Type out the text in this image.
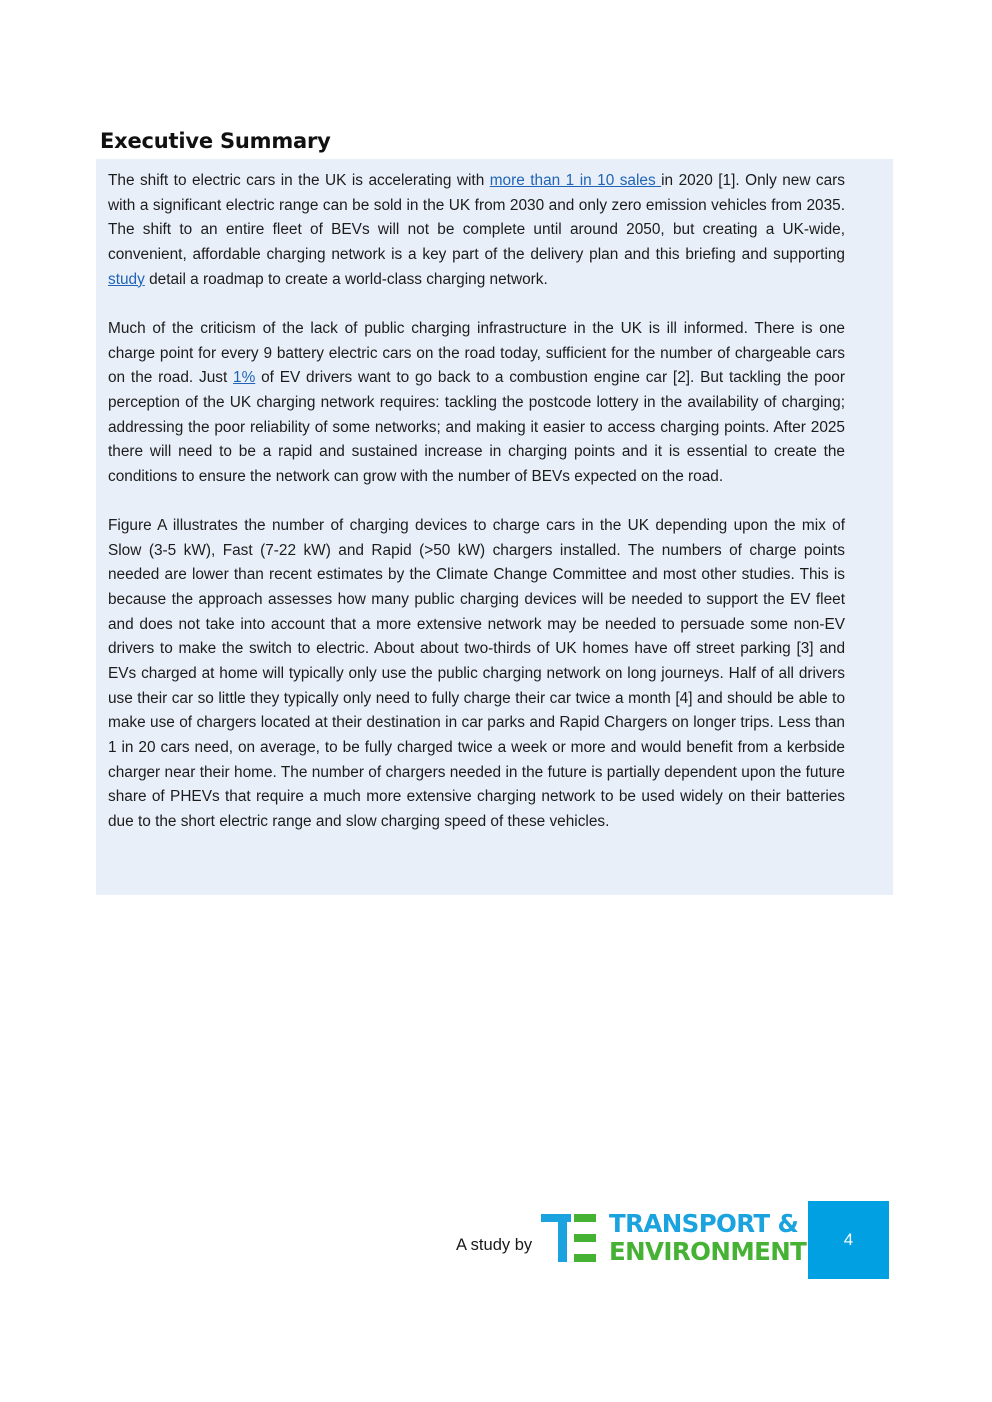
Executive Summary

The shift to electric cars in the UK is accelerating with more than 1 in 10 sales in 2020 [1]. Only new cars with a significant electric range can be sold in the UK from 2030 and only zero emission vehicles from 2035. The shift to an entire fleet of BEVs will not be complete until around 2050, but creating a UK-wide, convenient, affordable charging network is a key part of the delivery plan and this briefing and supporting study detail a roadmap to create a world-class charging network.

Much of the criticism of the lack of public charging infrastructure in the UK is ill informed. There is one charge point for every 9 battery electric cars on the road today, sufficient for the number of chargeable cars on the road. Just 1% of EV drivers want to go back to a combustion engine car [2]. But tackling the poor perception of the UK charging network requires: tackling the postcode lottery in the availability of charging; addressing the poor reliability of some networks; and making it easier to access charging points. After 2025 there will need to be a rapid and sustained increase in charging points and it is essential to create the conditions to ensure the network can grow with the number of BEVs expected on the road.

Figure A illustrates the number of charging devices to charge cars in the UK depending upon the mix of Slow (3-5 kW), Fast (7-22 kW) and Rapid (>50 kW) chargers installed. The numbers of charge points needed are lower than recent estimates by the Climate Change Committee and most other studies. This is because the approach assesses how many public charging devices will be needed to support the EV fleet and does not take into account that a more extensive network may be needed to persuade some non-EV drivers to make the switch to electric. About about two-thirds of UK homes have off street parking [3] and EVs charged at home will typically only use the public charging network on long journeys. Half of all drivers use their car so little they typically only need to fully charge their car twice a month [4] and should be able to make use of chargers located at their destination in car parks and Rapid Chargers on longer trips. Less than 1 in 20 cars need, on average, to be fully charged twice a week or more and would benefit from a kerbside charger near their home. The number of chargers needed in the future is partially dependent upon the future share of PHEVs that require a much more extensive charging network to be used widely on their batteries due to the short electric range and slow charging speed of these vehicles.

A study by
TRANSPORT &
ENVIRONMENT	4
